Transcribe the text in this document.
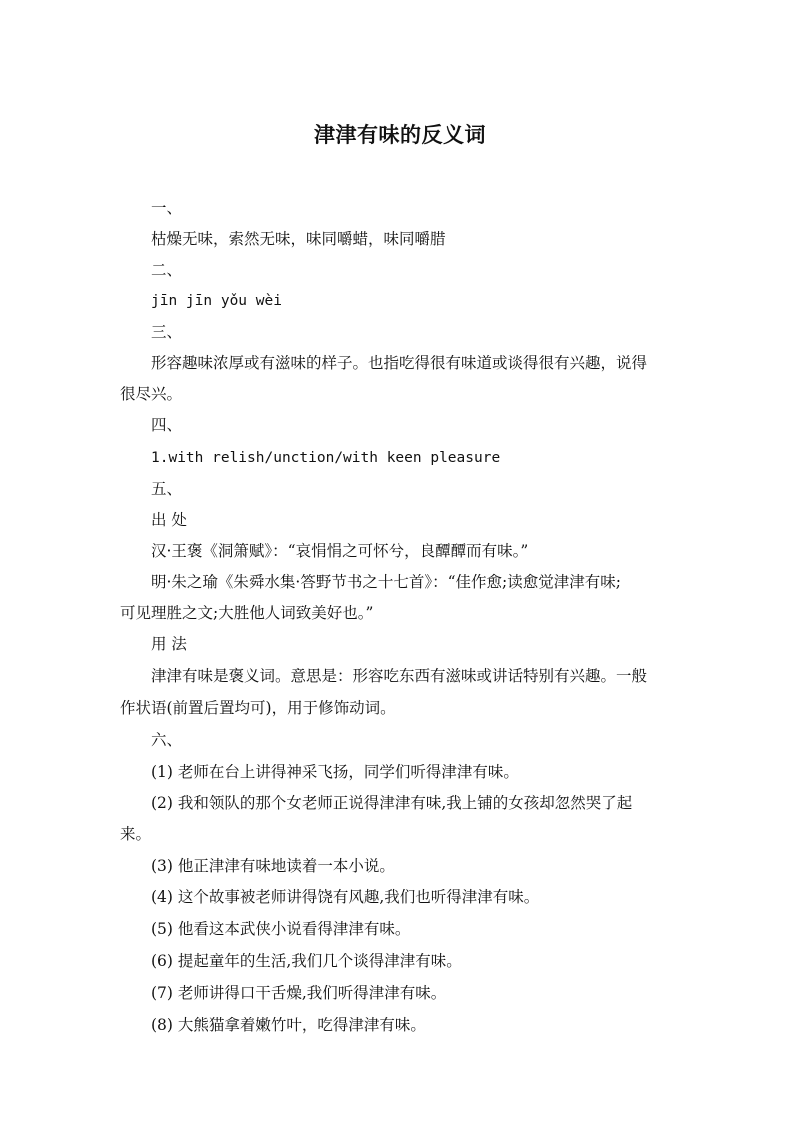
津津有味的反义词
一、
枯燥无味，索然无味，味同嚼蜡，味同嚼腊
二、
jīn jīn yǒu wèi
三、
形容趣味浓厚或有滋味的样子。也指吃得很有味道或谈得很有兴趣，说得
很尽兴。
四、
1.with relish/unction/with keen pleasure
五、
出 处
汉·王褒《洞箫赋》：“哀悁悁之可怀兮，良醰醰而有味。”
明·朱之瑜《朱舜水集·答野节书之十七首》：“佳作愈;读愈觉津津有味;
可见理胜之文;大胜他人词致美好也。”
用 法
津津有味是褒义词。意思是：形容吃东西有滋味或讲话特别有兴趣。一般
作状语(前置后置均可)，用于修饰动词。
六、
(1) 老师在台上讲得神采飞扬，同学们听得津津有味。
(2) 我和领队的那个女老师正说得津津有味,我上铺的女孩却忽然哭了起
来。
(3) 他正津津有味地读着一本小说。
(4) 这个故事被老师讲得饶有风趣,我们也听得津津有味。
(5) 他看这本武侠小说看得津津有味。
(6) 提起童年的生活,我们几个谈得津津有味。
(7) 老师讲得口干舌燥,我们听得津津有味。
(8) 大熊猫拿着嫩竹叶，吃得津津有味。
